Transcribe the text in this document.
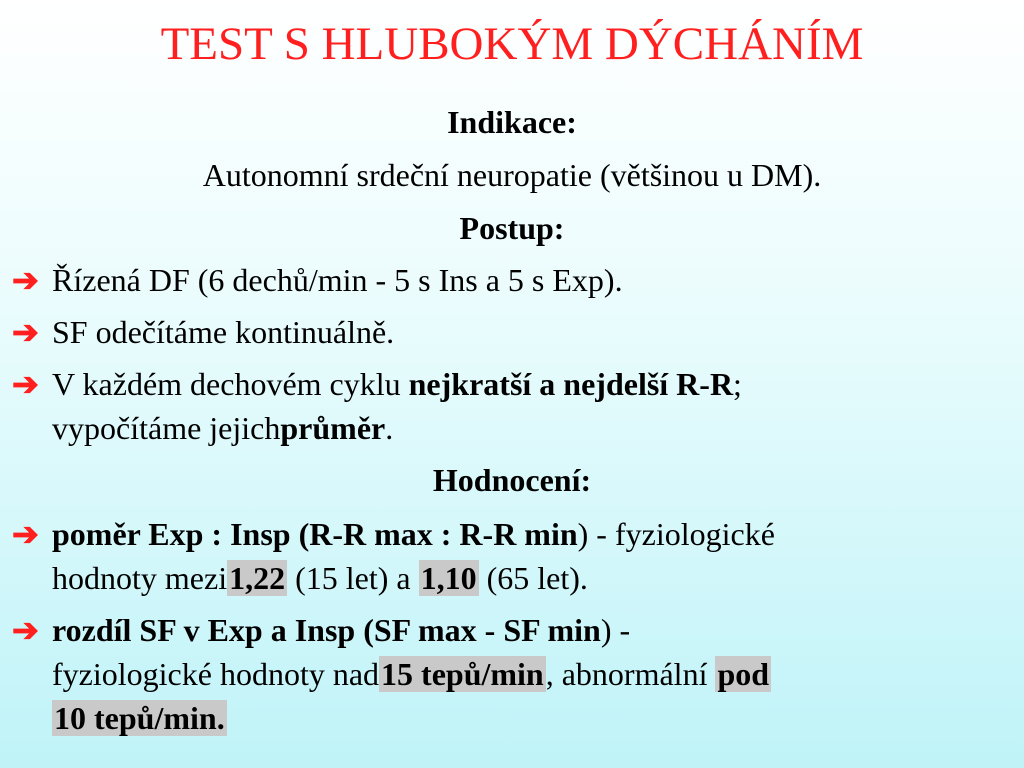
TEST S HLUBOKÝM DÝCHÁNÍM
Indikace:
Autonomní srdeční neuropatie (většinou u DM).
Postup:
➔ Řízená DF (6 dechů/min - 5 s Ins a 5 s Exp).
➔ SF odečítáme kontinuálně.
➔ V každém dechovém cyklu nejkratší a nejdelší R-R;
vypočítáme jejichprůměr.
Hodnocení:
➔ poměr Exp : Insp (R-R max : R-R min) - fyziologické
hodnoty mezi1,22 (15 let) a 1,10 (65 let).
➔ rozdíl SF v Exp a Insp (SF max - SF min) -
fyziologické hodnoty nad15 tepů/min, abnormální pod
10 tepů/min.
